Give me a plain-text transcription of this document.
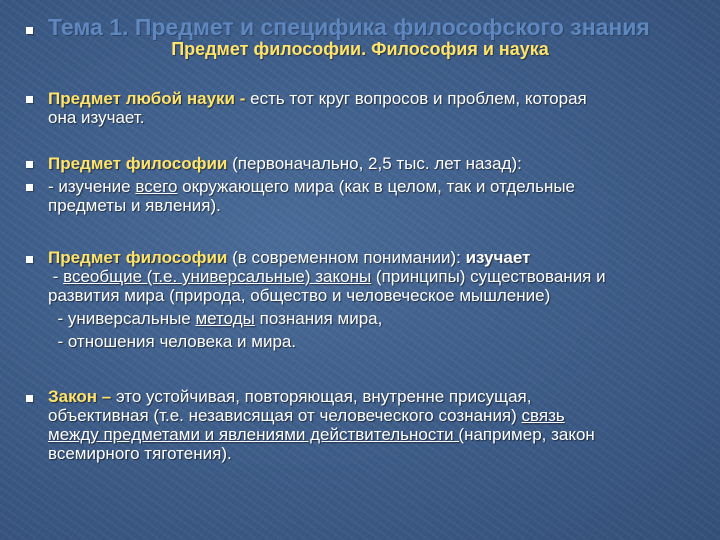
Тема 1. Предмет и специфика философского знания
Предмет философии. Философия и наука
Предмет любой науки - есть тот круг вопросов и проблем, которая
она изучает.
Предмет философии (первоначально, 2,5 тыс. лет назад):
- изучение всего окружающего мира (как в целом, так и отдельные
предметы и явления).
Предмет философии (в современном понимании): изучает
- всеобщие (т.е. универсальные) законы (принципы) существования и
развития мира (природа, общество и человеческое мышление)
- универсальные методы познания мира,
- отношения человека и мира.
Закон – это устойчивая, повторяющая, внутренне присущая,
объективная (т.е. независящая от человеческого сознания) связь
между предметами и явлениями действительности (например, закон
всемирного тяготения).
